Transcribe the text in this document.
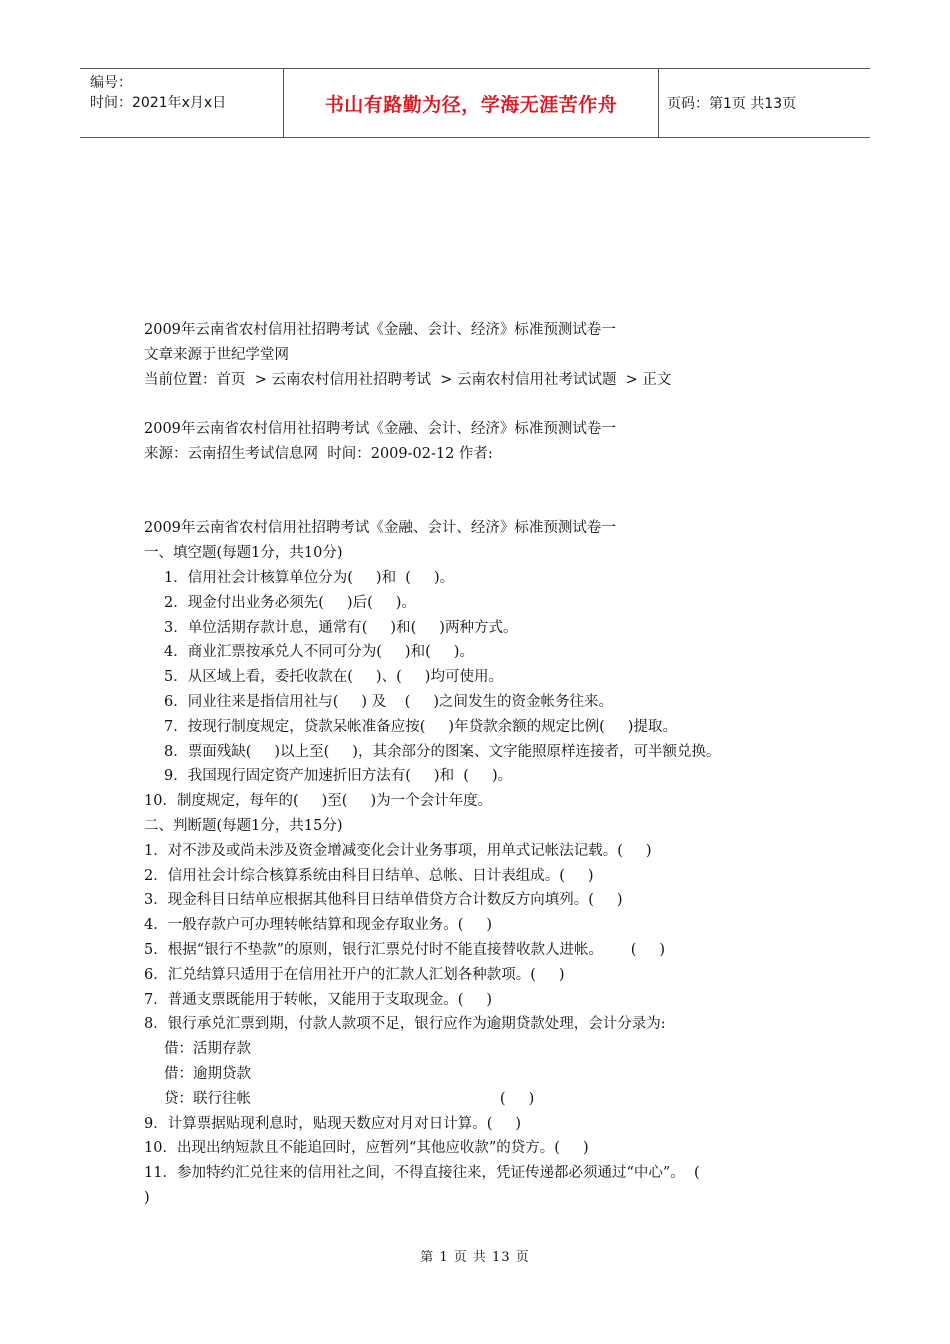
编号：
时间：2021年x月x日	书山有路勤为径，学海无涯苦作舟	页码：第1页 共13页
2009年云南省农村信用社招聘考试《金融、会计、经济》标准预测试卷一
文章来源于世纪学堂网
当前位置：首页  > 云南农村信用社招聘考试  > 云南农村信用社考试试题  > 正文
2009年云南省农村信用社招聘考试《金融、会计、经济》标准预测试卷一
来源：云南招生考试信息网  时间：2009-02-12 作者:
2009年云南省农村信用社招聘考试《金融、会计、经济》标准预测试卷一
一、填空题(每题1分，共10分)
1．信用社会计核算单位分为(     )和  (     )。
2．现金付出业务必须先(     )后(     )。
3．单位活期存款计息，通常有(     )和(     )两种方式。
4．商业汇票按承兑人不同可分为(     )和(     )。
5．从区域上看，委托收款在(     )、(     )均可使用。
6．同业往来是指信用社与(     ) 及    (     )之间发生的资金帐务往来。
7．按现行制度规定，贷款呆帐准备应按(     )年贷款余额的规定比例(     )提取。
8．票面残缺(     )以上至(     )，其余部分的图案、文字能照原样连接者，可半额兑换。
9．我国现行固定资产加速折旧方法有(     )和  (     )。
10．制度规定，每年的(     )至(     )为一个会计年度。
二、判断题(每题1分，共15分)
1．对不涉及或尚未涉及资金增减变化会计业务事项，用单式记帐法记载。(     )
2．信用社会计综合核算系统由科目日结单、总帐、日计表组成。(     )
3．现金科目日结单应根据其他科目日结单借贷方合计数反方向填列。(     )
4．一般存款户可办理转帐结算和现金存取业务。(     )
5．根据“银行不垫款”的原则，银行汇票兑付时不能直接替收款人进帐。      (     )
6．汇兑结算只适用于在信用社开户的汇款人汇划各种款项。(     )
7．普通支票既能用于转帐，又能用于支取现金。(     )
8．银行承兑汇票到期，付款人款项不足，银行应作为逾期贷款处理，会计分录为:
借：活期存款
借：逾期贷款
贷：联行往帐                                                      (     )
9．计算票据贴现利息时，贴现天数应对月对日计算。(     )
10．出现出纳短款且不能追回时，应暂列“其他应收款”的贷方。(     )
11．参加特约汇兑往来的信用社之间，不得直接往来，凭证传递都必须通过“中心”。  (
)
第 1 页 共 13 页
